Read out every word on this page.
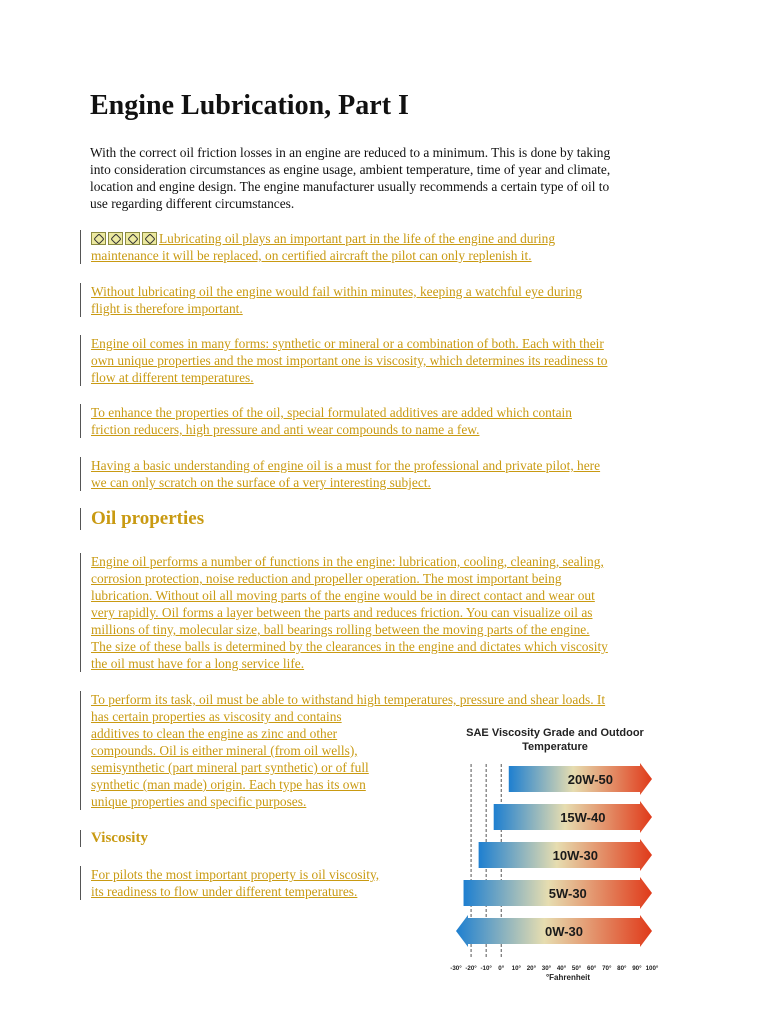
Engine Lubrication, Part I
With the correct oil friction losses in an engine are reduced to a minimum. This is done by taking
into consideration circumstances as engine usage, ambient temperature, time of year and climate,
location and engine design. The engine manufacturer usually recommends a certain type of oil to
use regarding different circumstances.
Lubricating oil plays an important part in the life of the engine and during
maintenance it will be replaced, on certified aircraft the pilot can only replenish it.
Without lubricating oil the engine would fail within minutes, keeping a watchful eye during
flight is therefore important.
Engine oil comes in many forms: synthetic or mineral or a combination of both. Each with their
own unique properties and the most important one is viscosity, which determines its readiness to
flow at different temperatures.
To enhance the properties of the oil, special formulated additives are added which contain
friction reducers, high pressure and anti wear compounds to name a few.
Having a basic understanding of engine oil is a must for the professional and private pilot, here
we can only scratch on the surface of a very interesting subject.
Oil properties
Engine oil performs a number of functions in the engine: lubrication, cooling, cleaning, sealing,
corrosion protection, noise reduction and propeller operation. The most important being
lubrication. Without oil all moving parts of the engine would be in direct contact and wear out
very rapidly. Oil forms a layer between the parts and reduces friction. You can visualize oil as
millions of tiny, molecular size, ball bearings rolling between the moving parts of the engine.
The size of these balls is determined by the clearances in the engine and dictates which viscosity
the oil must have for a long service life.
To perform its task, oil must be able to withstand high temperatures, pressure and shear loads. It
has certain properties as viscosity and contains
additives to clean the engine as zinc and other
compounds. Oil is either mineral (from oil wells),
semisynthetic (part mineral part synthetic) or of full
synthetic (man made) origin. Each type has its own
unique properties and specific purposes.
Viscosity
For pilots the most important property is oil viscosity,
its readiness to flow under different temperatures.
SAE Viscosity Grade and Outdoor
Temperature
20W-50
15W-40
10W-30
5W-30
0W-30
-30° -20° -10° 0° 10° 20° 30° 40° 50° 60° 70° 80° 90° 100°
°Fahrenheit
